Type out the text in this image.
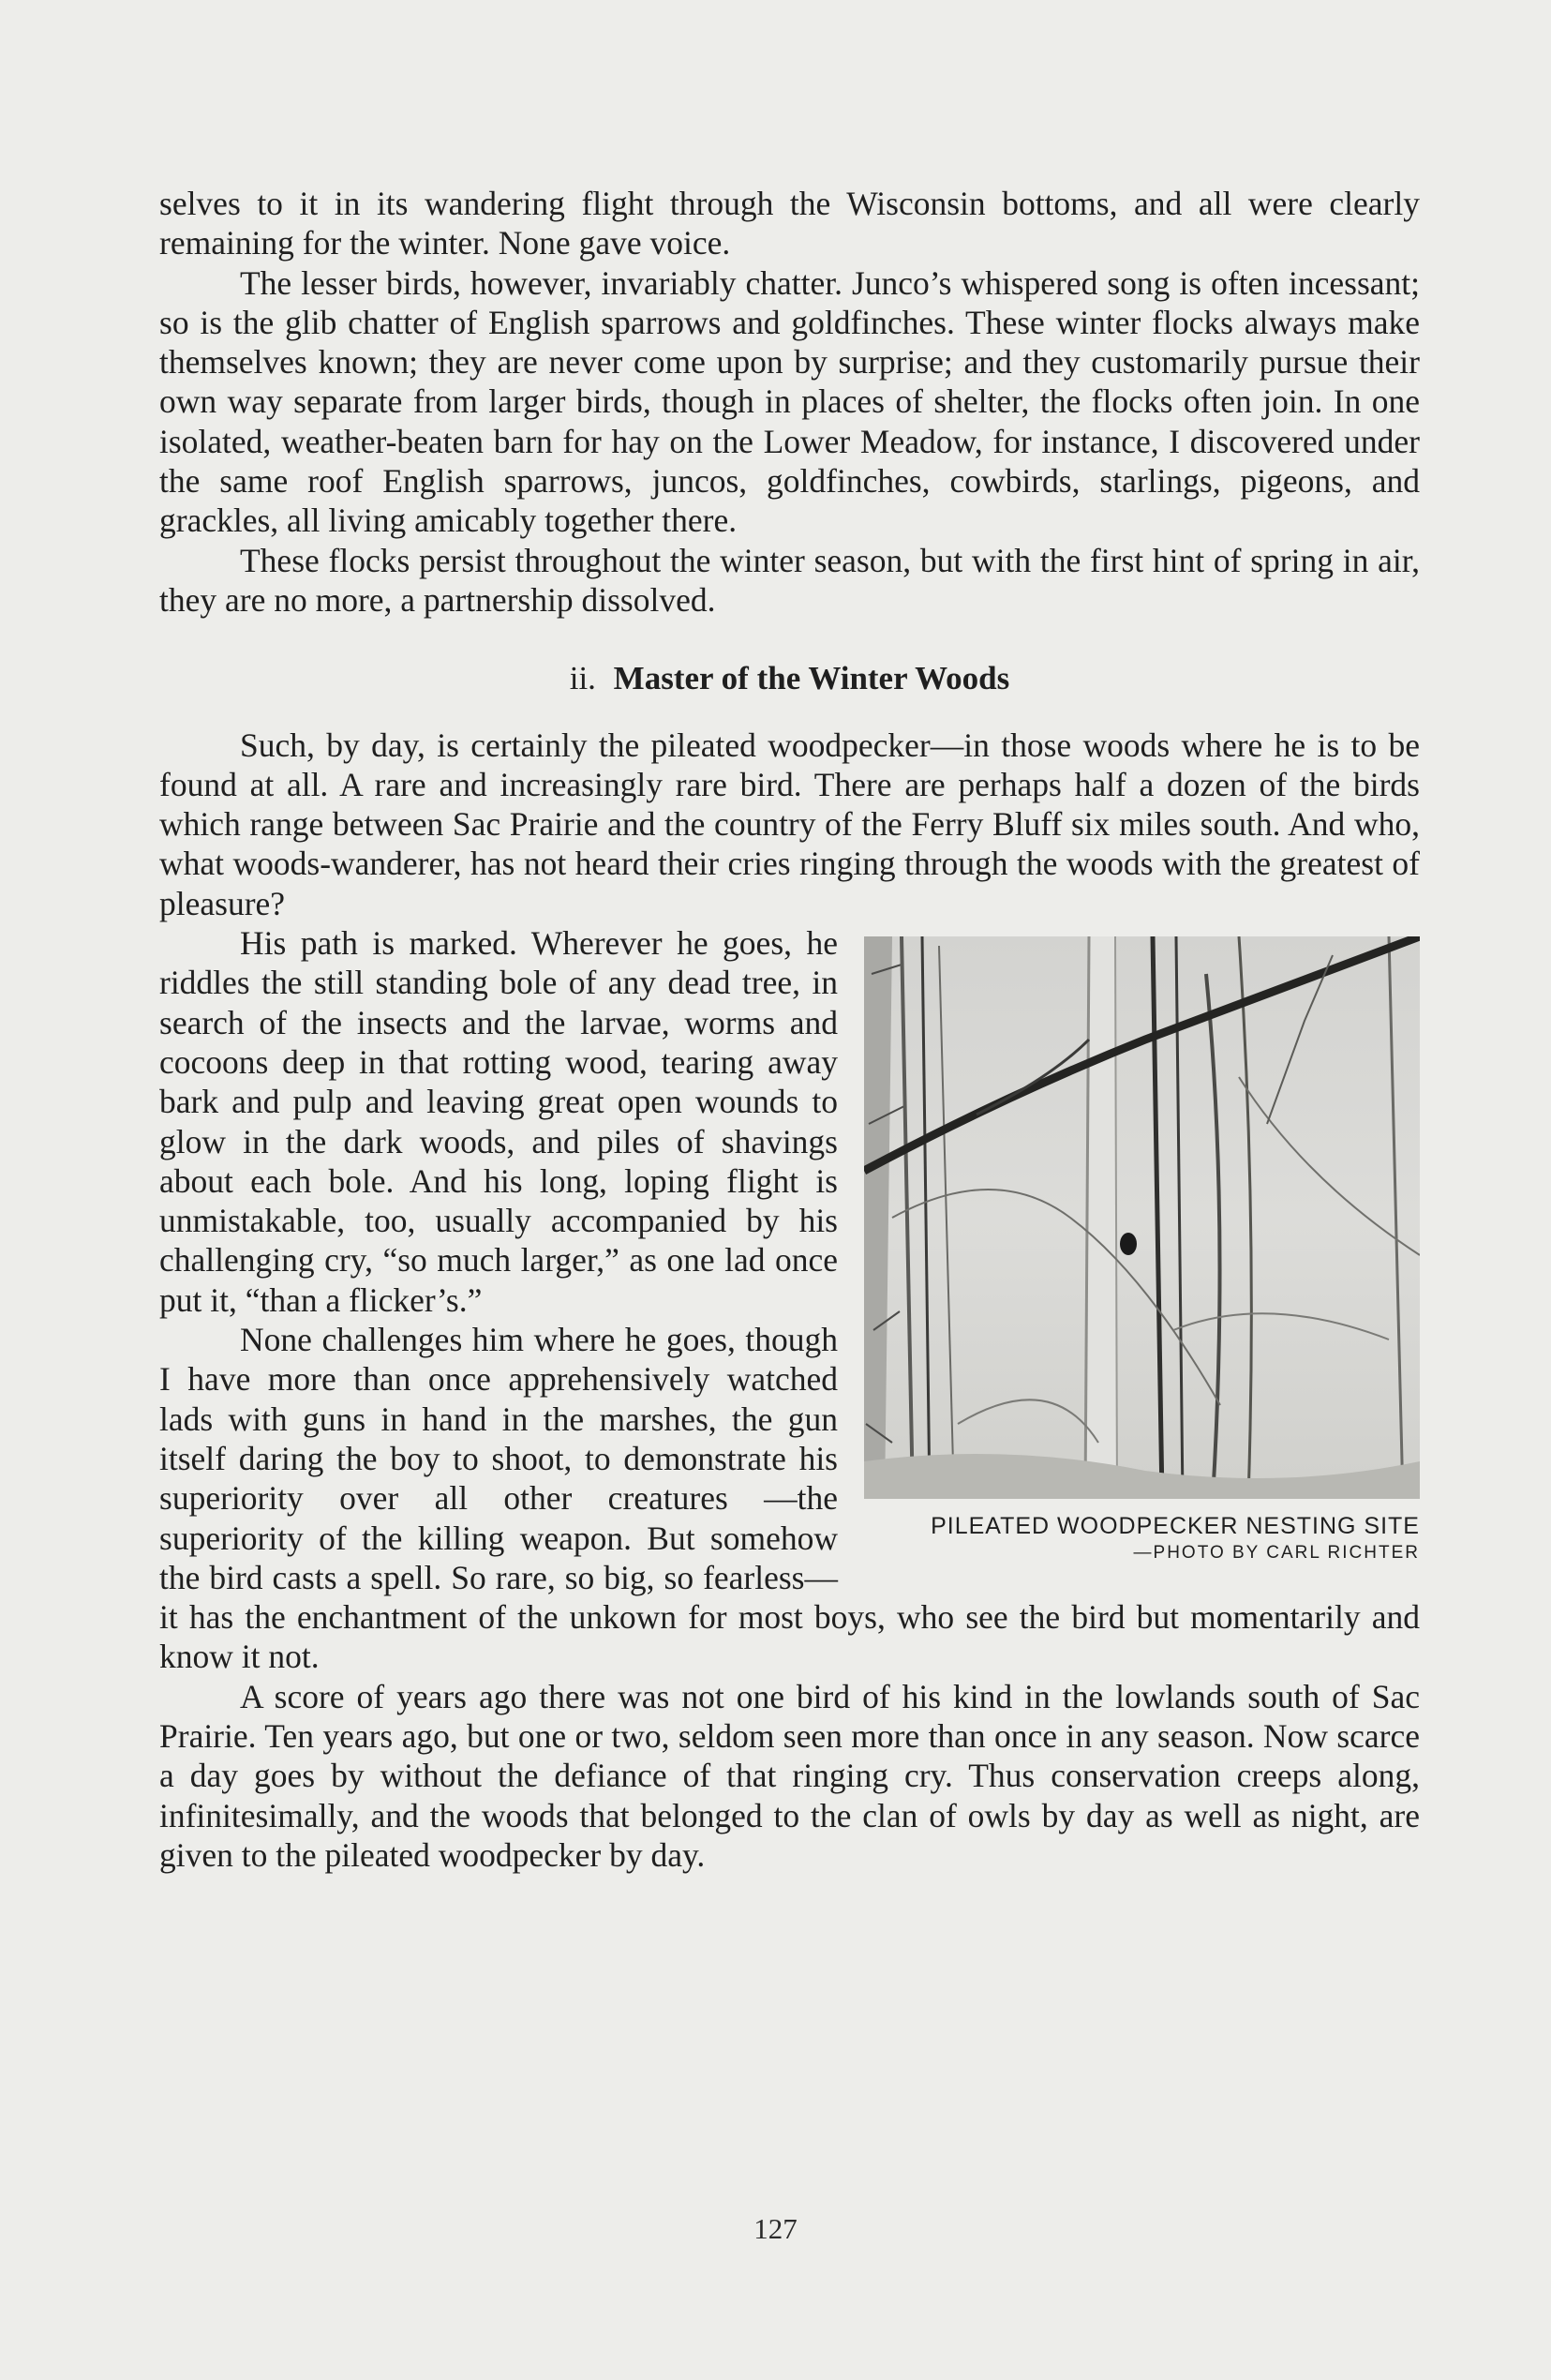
selves to it in its wandering flight through the Wisconsin bottoms, and all were clearly remaining for the winter. None gave voice.

The lesser birds, however, invariably chatter. Junco’s whispered song is often incessant; so is the glib chatter of English sparrows and goldfinches. These winter flocks always make themselves known; they are never come upon by surprise; and they customarily pursue their own way separate from larger birds, though in places of shelter, the flocks often join. In one isolated, weather-beaten barn for hay on the Lower Meadow, for instance, I discovered under the same roof English sparrows, juncos, goldfinches, cowbirds, starlings, pigeons, and grackles, all living amicably together there.

These flocks persist throughout the winter season, but with the first hint of spring in air, they are no more, a partnership dissolved.

ii. Master of the Winter Woods

Such, by day, is certainly the pileated woodpecker—in those woods where he is to be found at all. A rare and increasingly rare bird. There are perhaps half a dozen of the birds which range between Sac Prairie and the country of the Ferry Bluff six miles south. And who, what woods-wanderer, has not heard their cries ringing through the woods with the greatest of pleasure?

PILEATED WOODPECKER NESTING SITE
—PHOTO BY CARL RICHTER

His path is marked. Wherever he goes, he riddles the still standing bole of any dead tree, in search of the insects and the larvae, worms and cocoons deep in that rotting wood, tearing away bark and pulp and leaving great open wounds to glow in the dark woods, and piles of shavings about each bole. And his long, loping flight is unmistakable, too, usually accompanied by his challenging cry, “so much larger,” as one lad once put it, “than a flicker’s.”

None challenges him where he goes, though I have more than once apprehensively watched lads with guns in hand in the marshes, the gun itself daring the boy to shoot, to demonstrate his superiority over all other creatures —the superiority of the killing weapon. But somehow the bird casts a spell. So rare, so big, so fearless—it has the enchantment of the unkown for most boys, who see the bird but momentarily and know it not.

A score of years ago there was not one bird of his kind in the lowlands south of Sac Prairie. Ten years ago, but one or two, seldom seen more than once in any season. Now scarce a day goes by without the defiance of that ringing cry. Thus conservation creeps along, infinitesimally, and the woods that belonged to the clan of owls by day as well as night, are given to the pileated woodpecker by day.

127
